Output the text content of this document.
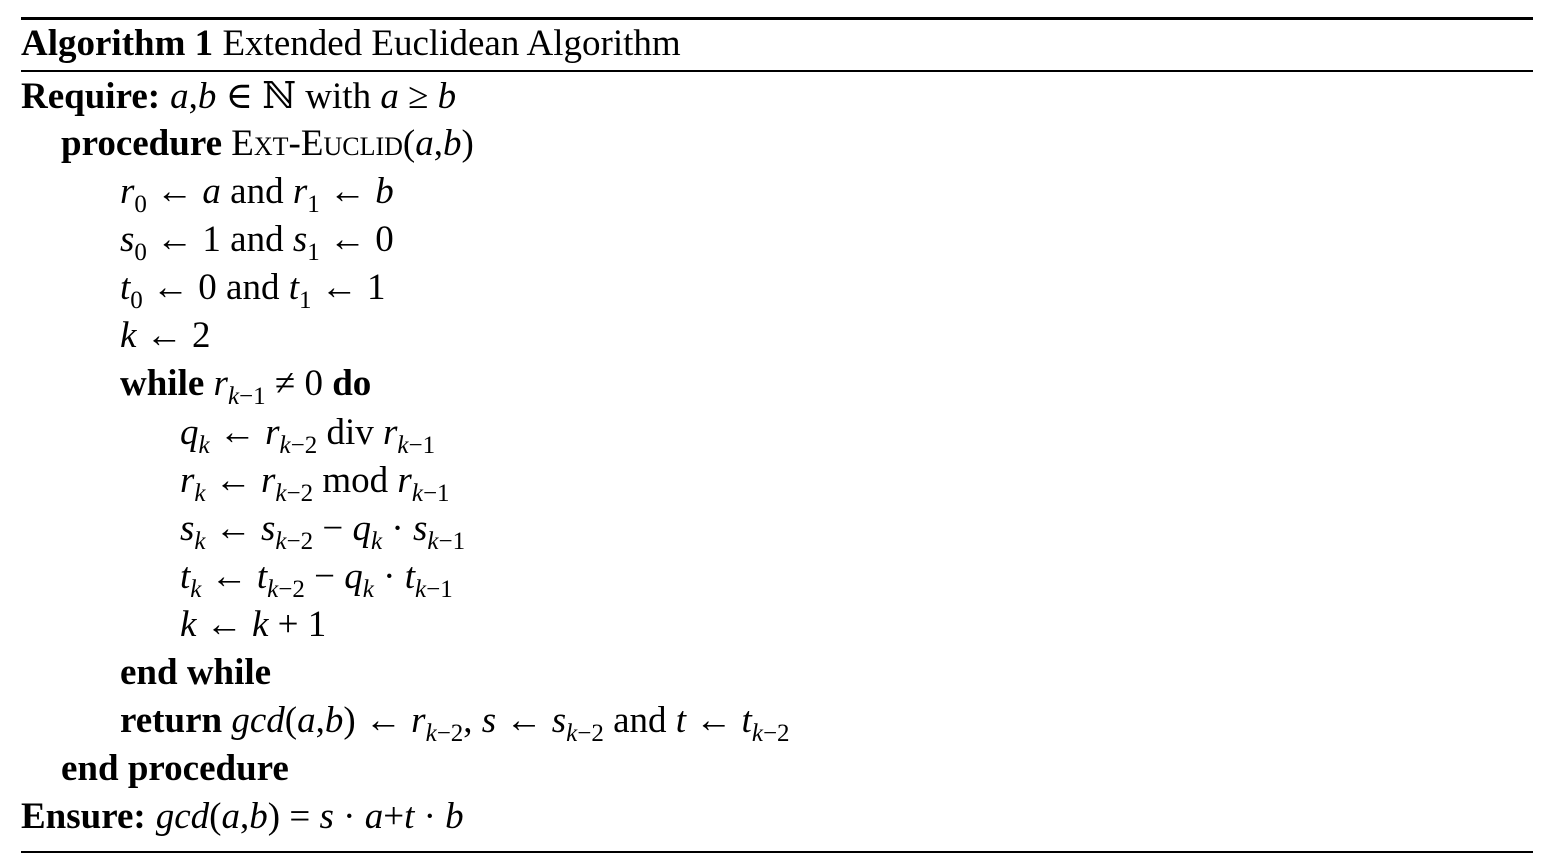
Algorithm 1 Extended Euclidean Algorithm
Require: a,b ∈ ℕ with a ≥ b
procedure Ext-Euclid(a,b)
$r_0$ ← a and $r_1$ ← b
$s_0$ ← 1 and $s_1$ ← 0
$t_0$ ← 0 and $t_1$ ← 1
k ← 2
while $r_{k-1} \ne 0$ do
$q_k$ ← $r_{k-2}$ div $r_{k-1}$
$r_k$ ← $r_{k-2}$ mod $r_{k-1}$
$s_k$ ← $s_{k-2} - q_k \cdot s_{k-1}$
$t_k$ ← $t_{k-2} - q_k \cdot t_{k-1}$
k ← k + 1
end while
return gcd(a,b) ← $r_{k-2}$, s ← $s_{k-2}$ and t ← $t_{k-2}$
end procedure
Ensure: gcd(a,b) = s · a+t · b
